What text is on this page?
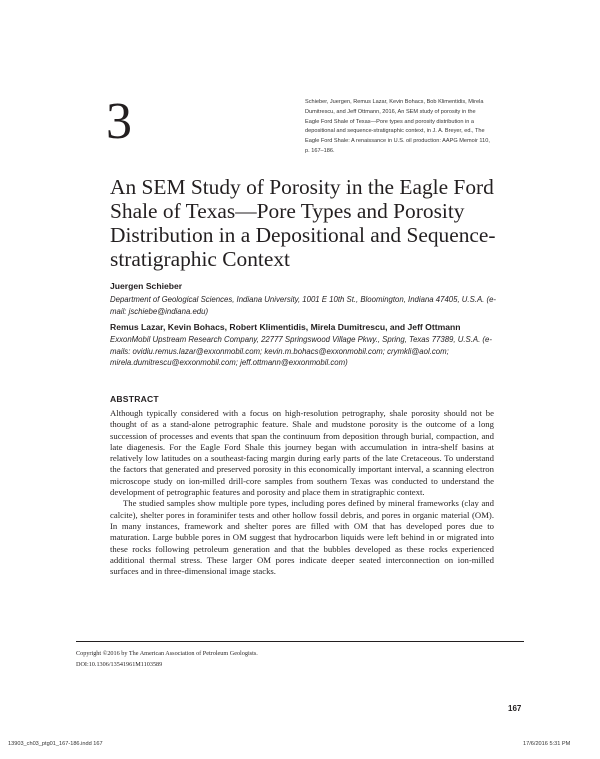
3	Schieber, Juergen, Remus Lazar, Kevin Bohacs, Bob Klimentidis, Mirela Dumitrescu, and Jeff Ottmann, 2016, An SEM study of porosity in the Eagle Ford Shale of Texas—Pore types and porosity distribution in a depositional and sequence-stratigraphic context, in J. A. Breyer, ed., The Eagle Ford Shale: A renaissance in U.S. oil production: AAPG Memoir 110, p. 167–186.
An SEM Study of Porosity in the Eagle Ford Shale of Texas—Pore Types and Porosity Distribution in a Depositional and Sequence-stratigraphic Context
Juergen Schieber
Department of Geological Sciences, Indiana University, 1001 E 10th St., Bloomington, Indiana 47405, U.S.A. (e-mail: jschiebe@indiana.edu)
Remus Lazar, Kevin Bohacs, Robert Klimentidis, Mirela Dumitrescu, and Jeff Ottmann
ExxonMobil Upstream Research Company, 22777 Springswood Village Pkwy., Spring, Texas 77389, U.S.A. (e-mails: ovidiu.remus.lazar@exxonmobil.com; kevin.m.bohacs@exxonmobil.com; crymkli@aol.com; mirela.dumitrescu@exxonmobil.com; jeff.ottmann@exxonmobil.com)
ABSTRACT

Although typically considered with a focus on high-resolution petrography, shale porosity should not be thought of as a stand-alone petrographic feature. Shale and mudstone porosity is the outcome of a long succession of processes and events that span the continuum from deposition through burial, compaction, and late diagenesis. For the Eagle Ford Shale this journey began with accumulation in intra-shelf basins at relatively low latitudes on a southeast-facing margin during early parts of the late Cretaceous. To understand the factors that generated and preserved porosity in this economically important interval, a scanning electron microscope study on ion-milled drill-core samples from southern Texas was conducted to understand the development of petrographic features and porosity and place them in stratigraphic context.

The studied samples show multiple pore types, including pores defined by mineral frameworks (clay and calcite), shelter pores in foraminifer tests and other hollow fossil debris, and pores in organic material (OM). In many instances, framework and shelter pores are filled with OM that has developed pores due to maturation. Large bubble pores in OM suggest that hydrocarbon liquids were left behind in or migrated into these rocks following petroleum generation and that the bubbles developed as these rocks experienced additional thermal stress. These larger OM pores indicate deeper seated interconnection on ion-milled surfaces and in three-dimensional image stacks.

Copyright ©2016 by The American Association of Petroleum Geologists.
DOI:10.1306/13541961M1103589
167
13903_ch03_ptg01_167-186.indd 167	17/6/2016 5:31 PM
